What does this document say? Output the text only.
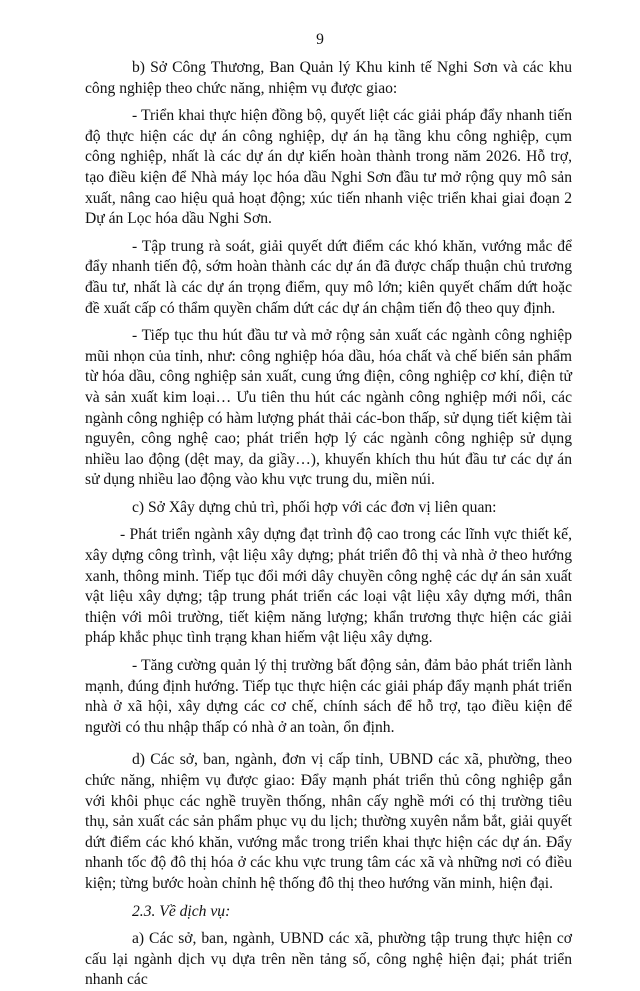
9

b) Sở Công Thương, Ban Quản lý Khu kinh tế Nghi Sơn và các khu công nghiệp theo chức năng, nhiệm vụ được giao:

- Triển khai thực hiện đồng bộ, quyết liệt các giải pháp đẩy nhanh tiến độ thực hiện các dự án công nghiệp, dự án hạ tầng khu công nghiệp, cụm công nghiệp, nhất là các dự án dự kiến hoàn thành trong năm 2026. Hỗ trợ, tạo điều kiện để Nhà máy lọc hóa dầu Nghi Sơn đầu tư mở rộng quy mô sản xuất, nâng cao hiệu quả hoạt động; xúc tiến nhanh việc triển khai giai đoạn 2 Dự án Lọc hóa dầu Nghi Sơn.

- Tập trung rà soát, giải quyết dứt điểm các khó khăn, vướng mắc để đẩy nhanh tiến độ, sớm hoàn thành các dự án đã được chấp thuận chủ trương đầu tư, nhất là các dự án trọng điểm, quy mô lớn; kiên quyết chấm dứt hoặc đề xuất cấp có thẩm quyền chấm dứt các dự án chậm tiến độ theo quy định.

- Tiếp tục thu hút đầu tư và mở rộng sản xuất các ngành công nghiệp mũi nhọn của tỉnh, như: công nghiệp hóa dầu, hóa chất và chế biến sản phẩm từ hóa dầu, công nghiệp sản xuất, cung ứng điện, công nghiệp cơ khí, điện tử và sản xuất kim loại… Ưu tiên thu hút các ngành công nghiệp mới nổi, các ngành công nghiệp có hàm lượng phát thải các-bon thấp, sử dụng tiết kiệm tài nguyên, công nghệ cao; phát triển hợp lý các ngành công nghiệp sử dụng nhiều lao động (dệt may, da giầy…), khuyến khích thu hút đầu tư các dự án sử dụng nhiều lao động vào khu vực trung du, miền núi.

c) Sở Xây dựng chủ trì, phối hợp với các đơn vị liên quan:

- Phát triển ngành xây dựng đạt trình độ cao trong các lĩnh vực thiết kế, xây dựng công trình, vật liệu xây dựng; phát triển đô thị và nhà ở theo hướng xanh, thông minh. Tiếp tục đổi mới dây chuyền công nghệ các dự án sản xuất vật liệu xây dựng; tập trung phát triển các loại vật liệu xây dựng mới, thân thiện với môi trường, tiết kiệm năng lượng; khẩn trương thực hiện các giải pháp khắc phục tình trạng khan hiếm vật liệu xây dựng.

- Tăng cường quản lý thị trường bất động sản, đảm bảo phát triển lành mạnh, đúng định hướng. Tiếp tục thực hiện các giải pháp đẩy mạnh phát triển nhà ở xã hội, xây dựng các cơ chế, chính sách để hỗ trợ, tạo điều kiện để người có thu nhập thấp có nhà ở an toàn, ổn định.

d) Các sở, ban, ngành, đơn vị cấp tỉnh, UBND các xã, phường, theo chức năng, nhiệm vụ được giao: Đẩy mạnh phát triển thủ công nghiệp gắn với khôi phục các nghề truyền thống, nhân cấy nghề mới có thị trường tiêu thụ, sản xuất các sản phẩm phục vụ du lịch; thường xuyên nắm bắt, giải quyết dứt điểm các khó khăn, vướng mắc trong triển khai thực hiện các dự án. Đẩy nhanh tốc độ đô thị hóa ở các khu vực trung tâm các xã và những nơi có điều kiện; từng bước hoàn chỉnh hệ thống đô thị theo hướng văn minh, hiện đại.

2.3. Về dịch vụ:

a) Các sở, ban, ngành, UBND các xã, phường tập trung thực hiện cơ cấu lại ngành dịch vụ dựa trên nền tảng số, công nghệ hiện đại; phát triển nhanh các
